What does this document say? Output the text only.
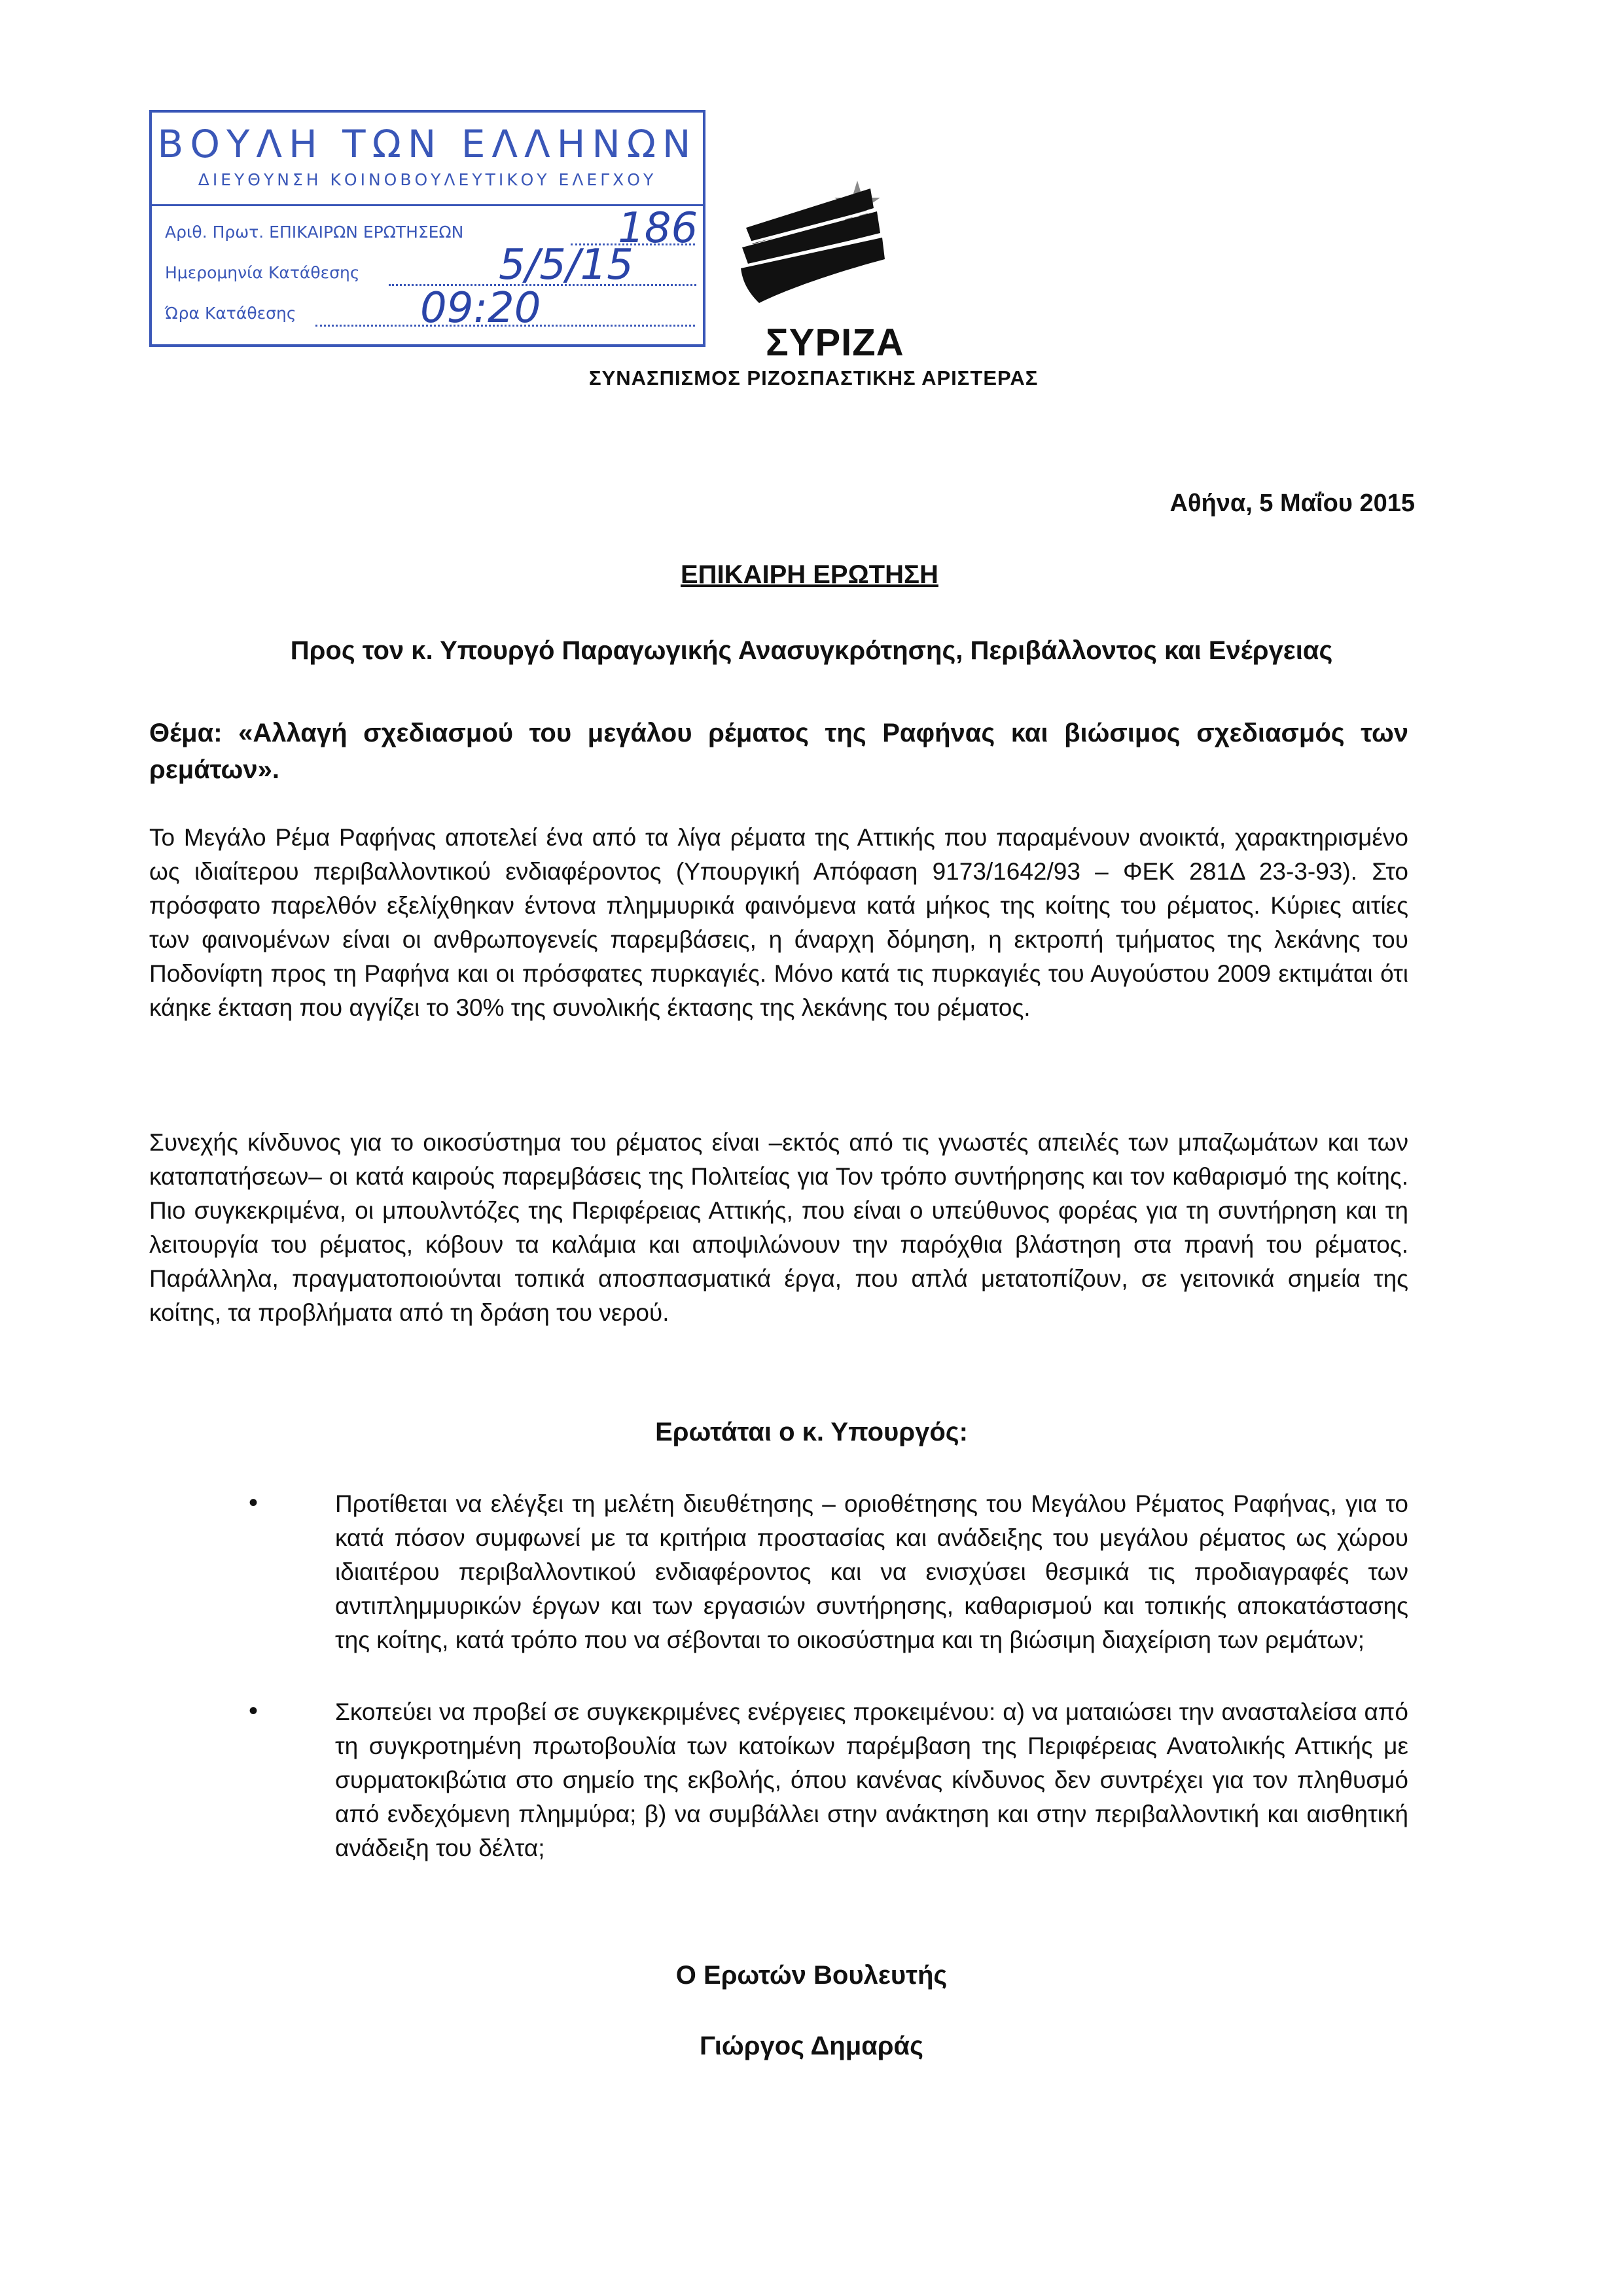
ΒΟΥΛΗ ΤΩΝ ΕΛΛΗΝΩΝ
ΔΙΕΥΘΥΝΣΗ ΚΟΙΝΟΒΟΥΛΕΥΤΙΚΟΥ ΕΛΕΓΧΟΥ
Αριθ. Πρωτ. ΕΠΙΚΑΙΡΩΝ ΕΡΩΤΗΣΕΩΝ	186
Ημερομηνία Κατάθεσης	5/5/15
Ώρα Κατάθεσης	09:20
ΣΥΡΙΖΑ
ΣΥΝΑΣΠΙΣΜΟΣ ΡΙΖΟΣΠΑΣΤΙΚΗΣ ΑΡΙΣΤΕΡΑΣ
Αθήνα, 5 Μαΐου 2015
ΕΠΙΚΑΙΡΗ ΕΡΩΤΗΣΗ
Προς τον κ. Υπουργό Παραγωγικής Ανασυγκρότησης, Περιβάλλοντος και Ενέργειας
Θέμα: «Αλλαγή σχεδιασμού του μεγάλου ρέματος της Ραφήνας και βιώσιμος σχεδιασμός των ρεμάτων».
Το Μεγάλο Ρέμα Ραφήνας αποτελεί ένα από τα λίγα ρέματα της Αττικής που παραμένουν ανοικτά, χαρακτηρισμένο ως ιδιαίτερου περιβαλλοντικού ενδιαφέροντος (Υπουργική Απόφαση 9173/1642/93 – ΦΕΚ 281Δ 23-3-93). Στο πρόσφατο παρελθόν εξελίχθηκαν έντονα πλημμυρικά φαινόμενα κατά μήκος της κοίτης του ρέματος. Κύριες αιτίες των φαινομένων είναι οι ανθρωπογενείς παρεμβάσεις, η άναρχη δόμηση, η εκτροπή τμήματος της λεκάνης του Ποδονίφτη προς τη Ραφήνα και οι πρόσφατες πυρκαγιές. Μόνο κατά τις πυρκαγιές του Αυγούστου 2009 εκτιμάται ότι κάηκε έκταση που αγγίζει το 30% της συνολικής έκτασης της λεκάνης του ρέματος.
Συνεχής κίνδυνος για το οικοσύστημα του ρέματος είναι –εκτός από τις γνωστές απειλές των μπαζωμάτων και των καταπατήσεων– οι κατά καιρούς παρεμβάσεις της Πολιτείας για Τον τρόπο συντήρησης και τον καθαρισμό της κοίτης. Πιο συγκεκριμένα, οι μπουλντόζες της Περιφέρειας Αττικής, που είναι ο υπεύθυνος φορέας για τη συντήρηση και τη λειτουργία του ρέματος, κόβουν τα καλάμια και αποψιλώνουν την παρόχθια βλάστηση στα πρανή του ρέματος. Παράλληλα, πραγματοποιούνται τοπικά αποσπασματικά έργα, που απλά μετατοπίζουν, σε γειτονικά σημεία της κοίτης, τα προβλήματα από τη δράση του νερού.
Ερωτάται ο κ. Υπουργός:
•	Προτίθεται να ελέγξει τη μελέτη διευθέτησης – οριοθέτησης του Μεγάλου Ρέματος Ραφήνας, για το κατά πόσον συμφωνεί με τα κριτήρια προστασίας και ανάδειξης του μεγάλου ρέματος ως χώρου ιδιαιτέρου περιβαλλοντικού ενδιαφέροντος και να ενισχύσει θεσμικά τις προδιαγραφές των αντιπλημμυρικών έργων και των εργασιών συντήρησης, καθαρισμού και τοπικής αποκατάστασης της κοίτης, κατά τρόπο που να σέβονται το οικοσύστημα και τη βιώσιμη διαχείριση των ρεμάτων;
•	Σκοπεύει να προβεί σε συγκεκριμένες ενέργειες προκειμένου: α) να ματαιώσει την ανασταλείσα από τη συγκροτημένη πρωτοβουλία των κατοίκων παρέμβαση της Περιφέρειας Ανατολικής Αττικής με συρματοκιβώτια στο σημείο της εκβολής, όπου κανένας κίνδυνος δεν συντρέχει για τον πληθυσμό από ενδεχόμενη πλημμύρα; β) να συμβάλλει στην ανάκτηση και στην περιβαλλοντική και αισθητική ανάδειξη του δέλτα;
Ο Ερωτών Βουλευτής
Γιώργος Δημαράς
